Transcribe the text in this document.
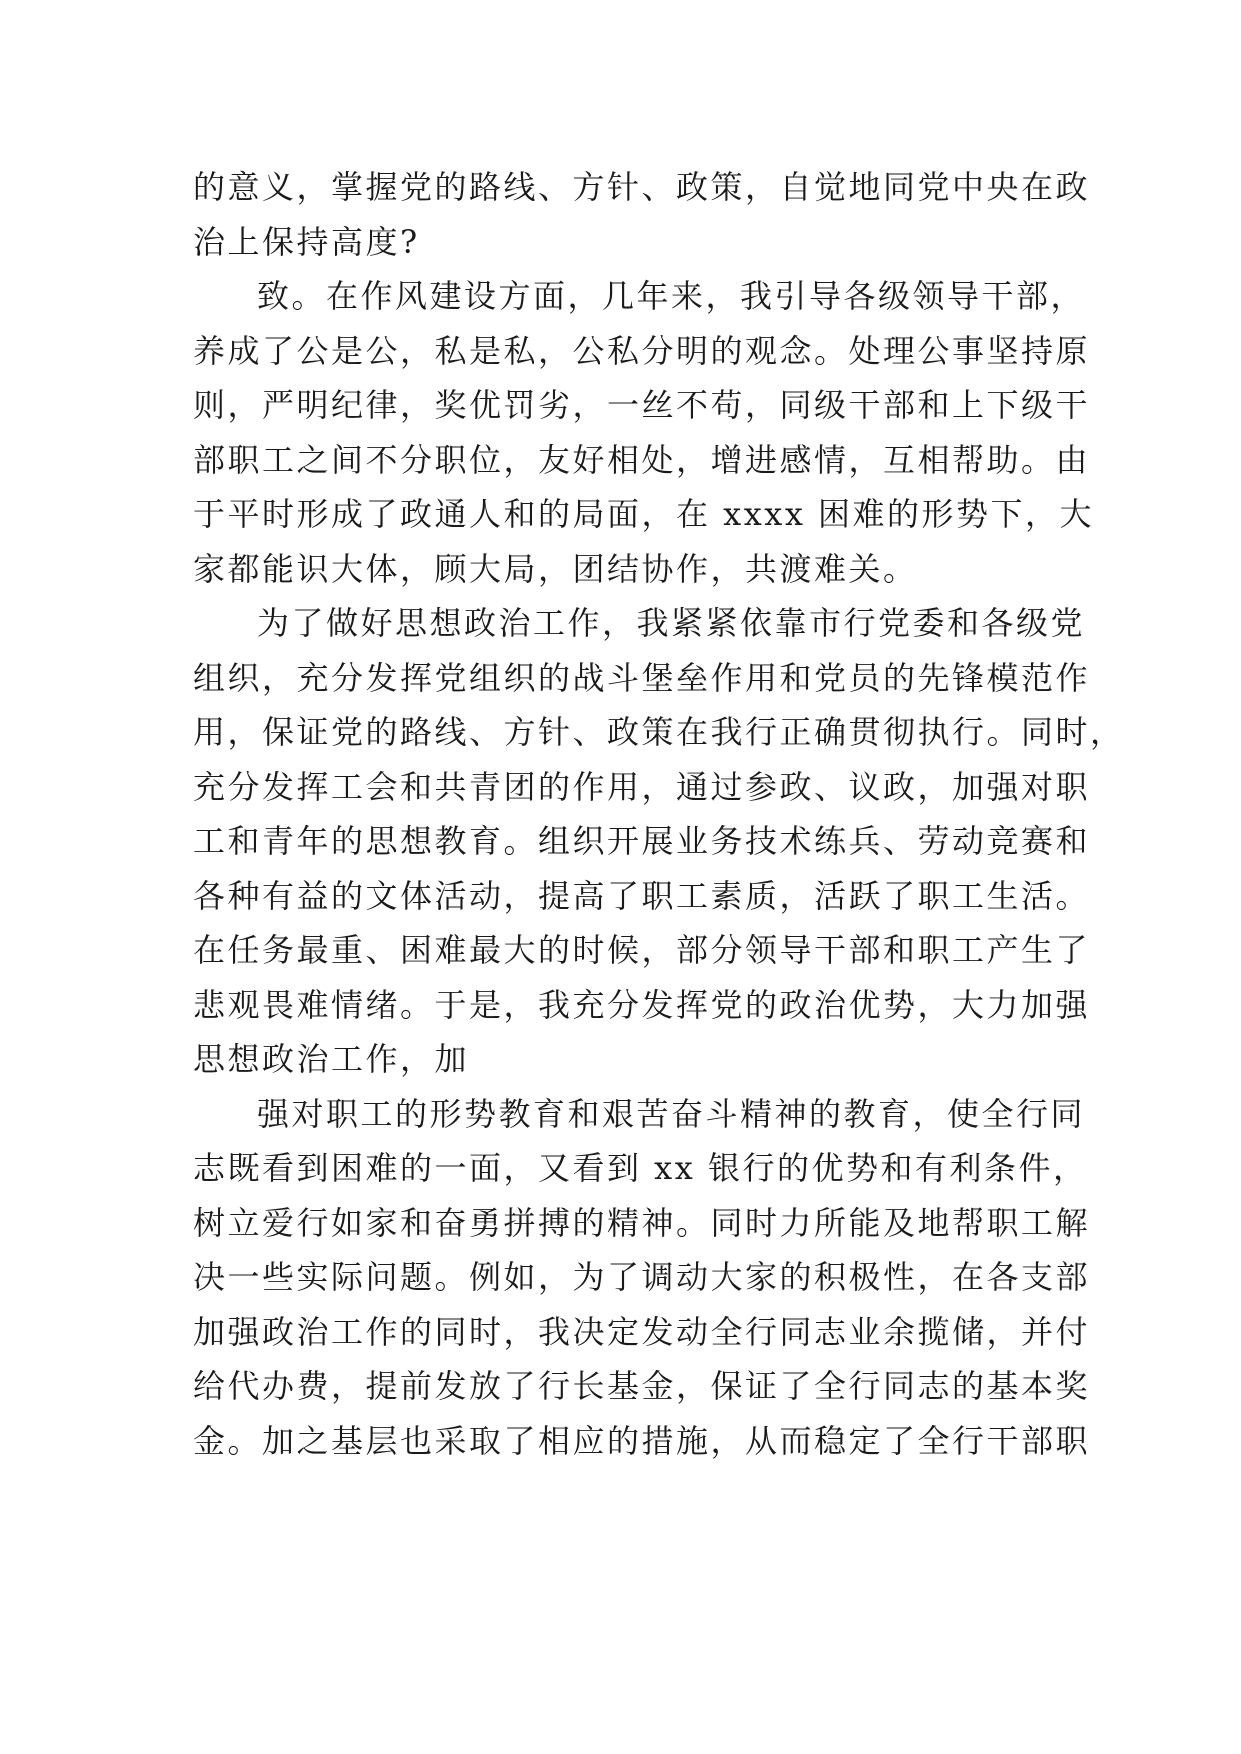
的意义，掌握党的路线、方针、政策，自觉地同党中央在政
治上保持高度?

致。在作风建设方面，几年来，我引导各级领导干部，
养成了公是公，私是私，公私分明的观念。处理公事坚持原
则，严明纪律，奖优罚劣，一丝不苟，同级干部和上下级干
部职工之间不分职位，友好相处，增进感情，互相帮助。由
于平时形成了政通人和的局面，在 xxxx 困难的形势下，大
家都能识大体，顾大局，团结协作，共渡难关。

为了做好思想政治工作，我紧紧依靠市行党委和各级党
组织，充分发挥党组织的战斗堡垒作用和党员的先锋模范作
用，保证党的路线、方针、政策在我行正确贯彻执行。同时，
充分发挥工会和共青团的作用，通过参政、议政，加强对职
工和青年的思想教育。组织开展业务技术练兵、劳动竞赛和
各种有益的文体活动，提高了职工素质，活跃了职工生活。
在任务最重、困难最大的时候，部分领导干部和职工产生了
悲观畏难情绪。于是，我充分发挥党的政治优势，大力加强
思想政治工作，加

强对职工的形势教育和艰苦奋斗精神的教育，使全行同
志既看到困难的一面，又看到 xx 银行的优势和有利条件，
树立爱行如家和奋勇拼搏的精神。同时力所能及地帮职工解
决一些实际问题。例如，为了调动大家的积极性，在各支部
加强政治工作的同时，我决定发动全行同志业余揽储，并付
给代办费，提前发放了行长基金，保证了全行同志的基本奖
金。加之基层也采取了相应的措施，从而稳定了全行干部职
